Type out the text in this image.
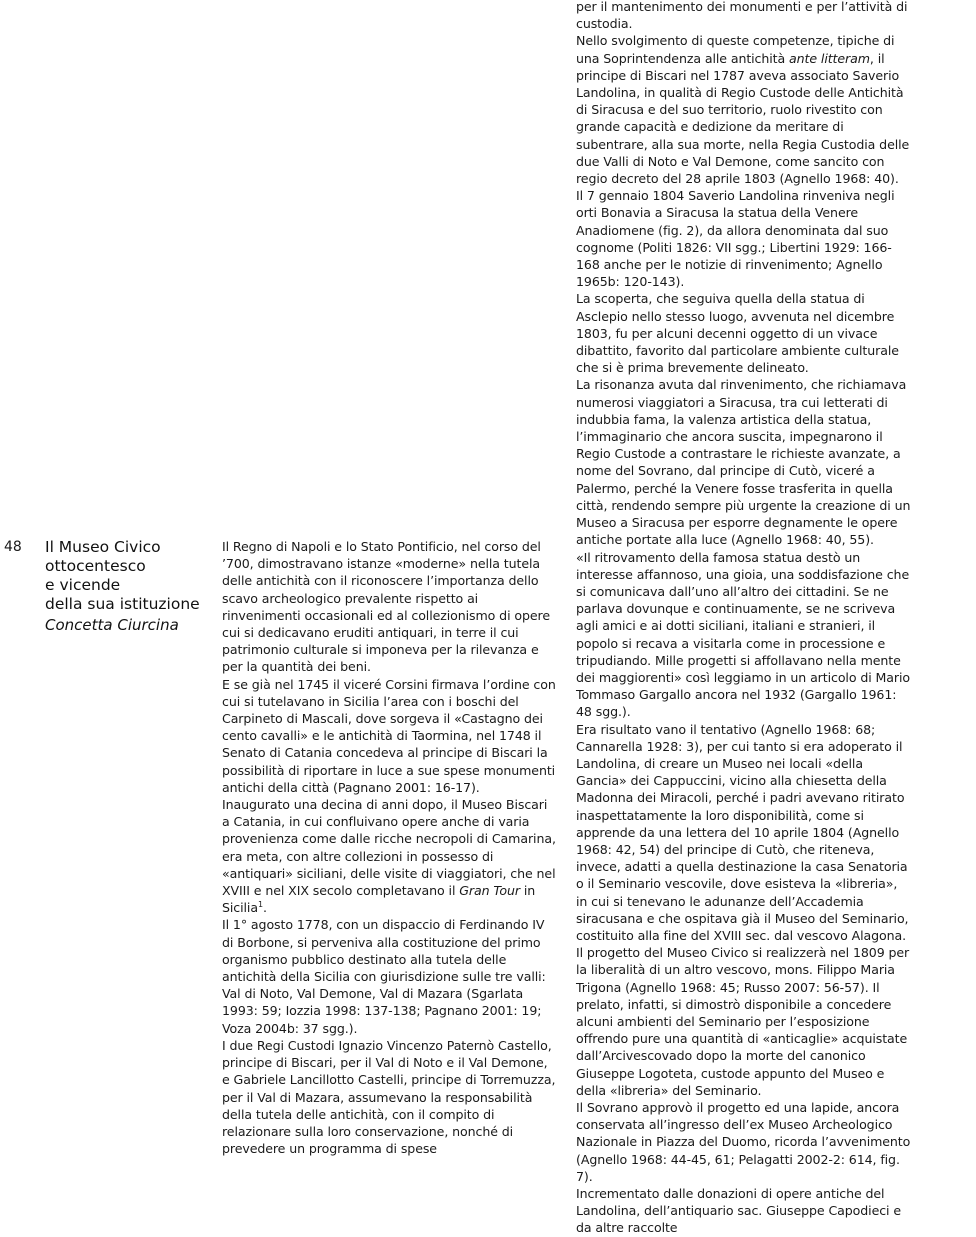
48 Il Museo Civico
ottocentesco
e vicende
della sua istituzione
Concetta Ciurcina

Il Regno di Napoli e lo Stato Pontificio, nel corso del ’700, dimostravano istanze «moderne» nella tutela delle antichità con il riconoscere l’importanza dello scavo archeologico prevalente rispetto ai rinvenimenti occasionali ed al collezionismo di opere cui si dedicavano eruditi antiquari, in terre il cui patrimonio culturale si imponeva per la rilevanza e per la quantità dei beni.

E se già nel 1745 il viceré Corsini firmava l’ordine con cui si tutelavano in Sicilia l’area con i boschi del Carpineto di Mascali, dove sorgeva il «Castagno dei cento cavalli» e le antichità di Taormina, nel 1748 il Senato di Catania concedeva al principe di Biscari la possibilità di riportare in luce a sue spese monumenti antichi della città (Pagnano 2001: 16-17).

Inaugurato una decina di anni dopo, il Museo Biscari a Catania, in cui confluivano opere anche di varia provenienza come dalle ricche necropoli di Camarina, era meta, con altre collezioni in possesso di «antiquari» siciliani, delle visite di viaggiatori, che nel XVIII e nel XIX secolo completavano il Gran Tour in Sicilia$^1$.

Il 1° agosto 1778, con un dispaccio di Ferdinando IV di Borbone, si perveniva alla costituzione del primo organismo pubblico destinato alla tutela delle antichità della Sicilia con giurisdizione sulle tre valli: Val di Noto, Val Demone, Val di Mazara (Sgarlata 1993: 59; Iozzia 1998: 137-138; Pagnano 2001: 19; Voza 2004b: 37 sgg.).

I due Regi Custodi Ignazio Vincenzo Paternò Castello, principe di Biscari, per il Val di Noto e il Val Demone, e Gabriele Lancillotto Castelli, principe di Torremuzza, per il Val di Mazara, assumevano la responsabilità della tutela delle antichità, con il compito di relazionare sulla loro conservazione, nonché di prevedere un programma di spese

per il mantenimento dei monumenti e per l’attività di custodia.

Nello svolgimento di queste competenze, tipiche di una Soprintendenza alle antichità ante litteram, il principe di Biscari nel 1787 aveva associato Saverio Landolina, in qualità di Regio Custode delle Antichità di Siracusa e del suo territorio, ruolo rivestito con grande capacità e dedizione da meritare di subentrare, alla sua morte, nella Regia Custodia delle due Valli di Noto e Val Demone, come sancito con regio decreto del 28 aprile 1803 (Agnello 1968: 40).

Il 7 gennaio 1804 Saverio Landolina rinveniva negli orti Bonavia a Siracusa la statua della Venere Anadiomene (fig. 2), da allora denominata dal suo cognome (Politi 1826: VII sgg.; Libertini 1929: 166-168 anche per le notizie di rinvenimento; Agnello 1965b: 120-143).

La scoperta, che seguiva quella della statua di Asclepio nello stesso luogo, avvenuta nel dicembre 1803, fu per alcuni decenni oggetto di un vivace dibattito, favorito dal particolare ambiente culturale che si è prima brevemente delineato.

La risonanza avuta dal rinvenimento, che richiamava numerosi viaggiatori a Siracusa, tra cui letterati di indubbia fama, la valenza artistica della statua, l’immaginario che ancora suscita, impegnarono il Regio Custode a contrastare le richieste avanzate, a nome del Sovrano, dal principe di Cutò, viceré a Palermo, perché la Venere fosse trasferita in quella città, rendendo sempre più urgente la creazione di un Museo a Siracusa per esporre degnamente le opere antiche portate alla luce (Agnello 1968: 40, 55).

«Il ritrovamento della famosa statua destò un interesse affannoso, una gioia, una soddisfazione che si comunicava dall’uno all’altro dei cittadini. Se ne parlava dovunque e continuamente, se ne scriveva agli amici e ai dotti siciliani, italiani e stranieri, il popolo si recava a visitarla come in processione e tripudiando. Mille progetti si affollavano nella mente dei maggiorenti» così leggiamo in un articolo di Mario Tommaso Gargallo ancora nel 1932 (Gargallo 1961: 48 sgg.).

Era risultato vano il tentativo (Agnello 1968: 68; Cannarella 1928: 3), per cui tanto si era adoperato il Landolina, di creare un Museo nei locali «della Gancia» dei Cappuccini, vicino alla chiesetta della Madonna dei Miracoli, perché i padri avevano ritirato inaspettatamente la loro disponibilità, come si apprende da una lettera del 10 aprile 1804 (Agnello 1968: 42, 54) del principe di Cutò, che riteneva, invece, adatti a quella destinazione la casa Senatoria o il Seminario vescovile, dove esisteva la «libreria», in cui si tenevano le adunanze dell’Accademia siracusana e che ospitava già il Museo del Seminario, costituito alla fine del XVIII sec. dal vescovo Alagona. Il progetto del Museo Civico si realizzerà nel 1809 per la liberalità di un altro vescovo, mons. Filippo Maria Trigona (Agnello 1968: 45; Russo 2007: 56-57). Il prelato, infatti, si dimostrò disponibile a concedere alcuni ambienti del Seminario per l’esposizione offrendo pure una quantità di «anticaglie» acquistate dall’Arcivescovado dopo la morte del canonico Giuseppe Logoteta, custode appunto del Museo e della «libreria» del Seminario.

Il Sovrano approvò il progetto ed una lapide, ancora conservata all’ingresso dell’ex Museo Archeologico Nazionale in Piazza del Duomo, ricorda l’avvenimento (Agnello 1968: 44-45, 61; Pelagatti 2002-2: 614, fig. 7).

Incrementato dalle donazioni di opere antiche del Landolina, dell’antiquario sac. Giuseppe Capodieci e da altre raccolte
